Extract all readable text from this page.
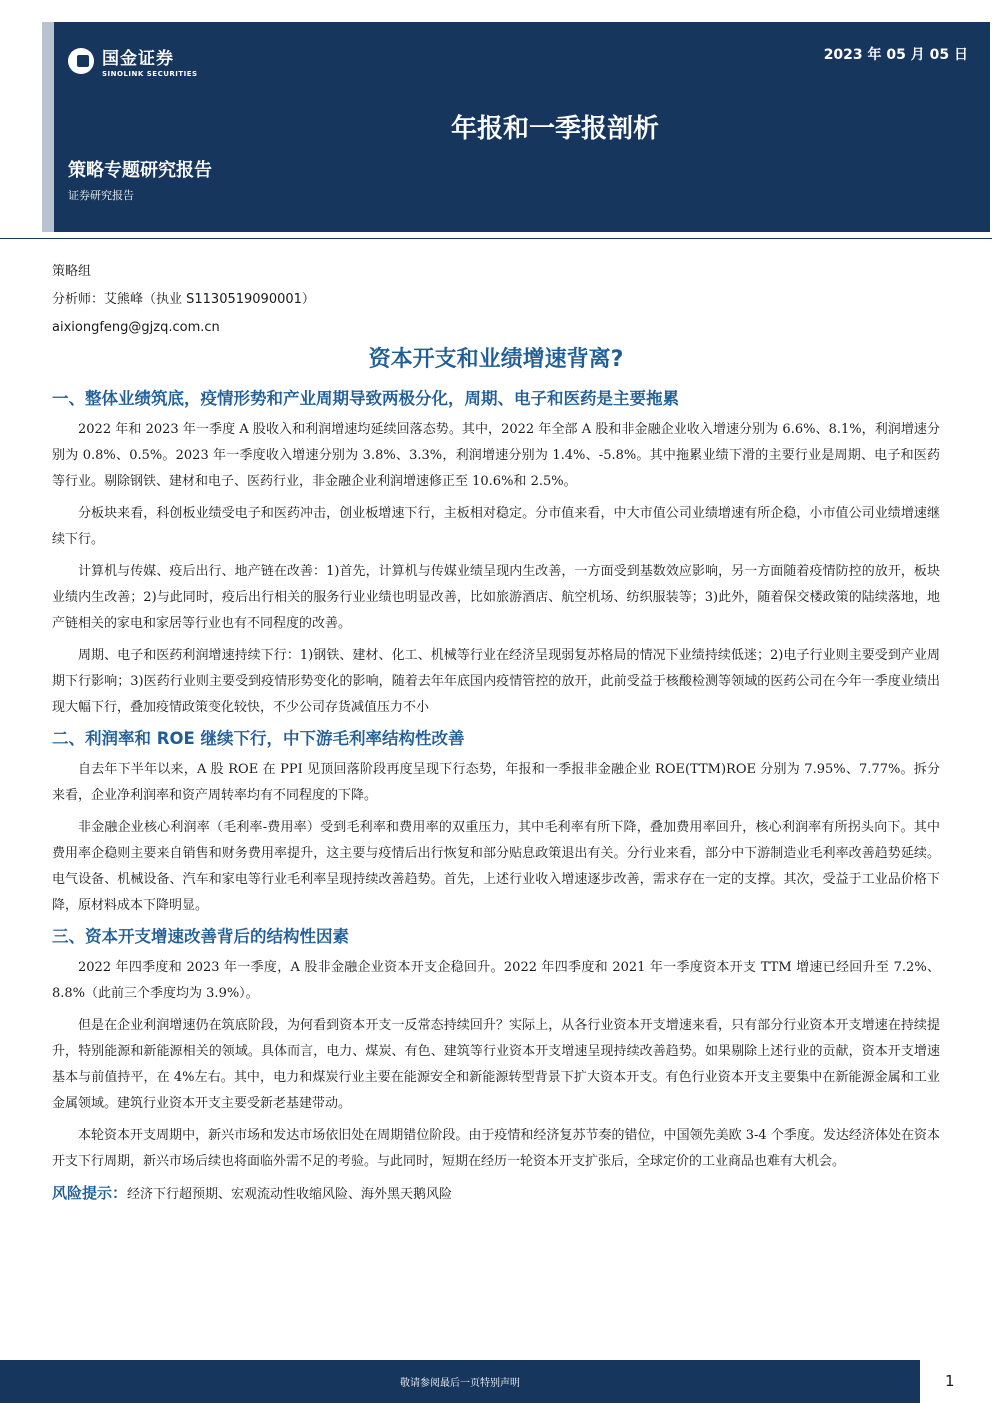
国金证券
SINOLINK SECURITIES
2023 年 05 月 05 日
年报和一季报剖析
策略专题研究报告
证券研究报告
策略组
分析师：艾熊峰（执业 S1130519090001）
aixiongfeng@gjzq.com.cn
资本开支和业绩增速背离?
一、整体业绩筑底，疫情形势和产业周期导致两极分化，周期、电子和医药是主要拖累

2022 年和 2023 年一季度 A 股收入和利润增速均延续回落态势。其中，2022 年全部 A 股和非金融企业收入增速分别为 6.6%、8.1%，利润增速分别为 0.8%、0.5%。2023 年一季度收入增速分别为 3.8%、3.3%，利润增速分别为 1.4%、-5.8%。其中拖累业绩下滑的主要行业是周期、电子和医药等行业。剔除钢铁、建材和电子、医药行业，非金融企业利润增速修正至 10.6%和 2.5%。

分板块来看，科创板业绩受电子和医药冲击，创业板增速下行，主板相对稳定。分市值来看，中大市值公司业绩增速有所企稳，小市值公司业绩增速继续下行。

计算机与传媒、疫后出行、地产链在改善：1)首先，计算机与传媒业绩呈现内生改善，一方面受到基数效应影响，另一方面随着疫情防控的放开，板块业绩内生改善；2)与此同时，疫后出行相关的服务行业业绩也明显改善，比如旅游酒店、航空机场、纺织服装等；3)此外，随着保交楼政策的陆续落地，地产链相关的家电和家居等行业也有不同程度的改善。

周期、电子和医药利润增速持续下行：1)钢铁、建材、化工、机械等行业在经济呈现弱复苏格局的情况下业绩持续低迷；2)电子行业则主要受到产业周期下行影响；3)医药行业则主要受到疫情形势变化的影响，随着去年年底国内疫情管控的放开，此前受益于核酸检测等领域的医药公司在今年一季度业绩出现大幅下行，叠加疫情政策变化较快，不少公司存货减值压力不小

二、利润率和 ROE 继续下行，中下游毛利率结构性改善

自去年下半年以来，A 股 ROE 在 PPI 见顶回落阶段再度呈现下行态势，年报和一季报非金融企业 ROE(TTM)ROE 分别为 7.95%、7.77%。拆分来看，企业净利润率和资产周转率均有不同程度的下降。

非金融企业核心利润率（毛利率-费用率）受到毛利率和费用率的双重压力，其中毛利率有所下降，叠加费用率回升，核心利润率有所拐头向下。其中费用率企稳则主要来自销售和财务费用率提升，这主要与疫情后出行恢复和部分贴息政策退出有关。分行业来看，部分中下游制造业毛利率改善趋势延续。电气设备、机械设备、汽车和家电等行业毛利率呈现持续改善趋势。首先，上述行业收入增速逐步改善，需求存在一定的支撑。其次，受益于工业品价格下降，原材料成本下降明显。

三、资本开支增速改善背后的结构性因素

2022 年四季度和 2023 年一季度，A 股非金融企业资本开支企稳回升。2022 年四季度和 2021 年一季度资本开支 TTM 增速已经回升至 7.2%、8.8%（此前三个季度均为 3.9%）。

但是在企业利润增速仍在筑底阶段，为何看到资本开支一反常态持续回升？实际上，从各行业资本开支增速来看，只有部分行业资本开支增速在持续提升，特别能源和新能源相关的领域。具体而言，电力、煤炭、有色、建筑等行业资本开支增速呈现持续改善趋势。如果剔除上述行业的贡献，资本开支增速基本与前值持平，在 4%左右。其中，电力和煤炭行业主要在能源安全和新能源转型背景下扩大资本开支。有色行业资本开支主要集中在新能源金属和工业金属领域。建筑行业资本开支主要受新老基建带动。

本轮资本开支周期中，新兴市场和发达市场依旧处在周期错位阶段。由于疫情和经济复苏节奏的错位，中国领先美欧 3-4 个季度。发达经济体处在资本开支下行周期，新兴市场后续也将面临外需不足的考验。与此同时，短期在经历一轮资本开支扩张后，全球定价的工业商品也难有大机会。

风险提示：经济下行超预期、宏观流动性收缩风险、海外黑天鹅风险
敬请参阅最后一页特别声明	1
